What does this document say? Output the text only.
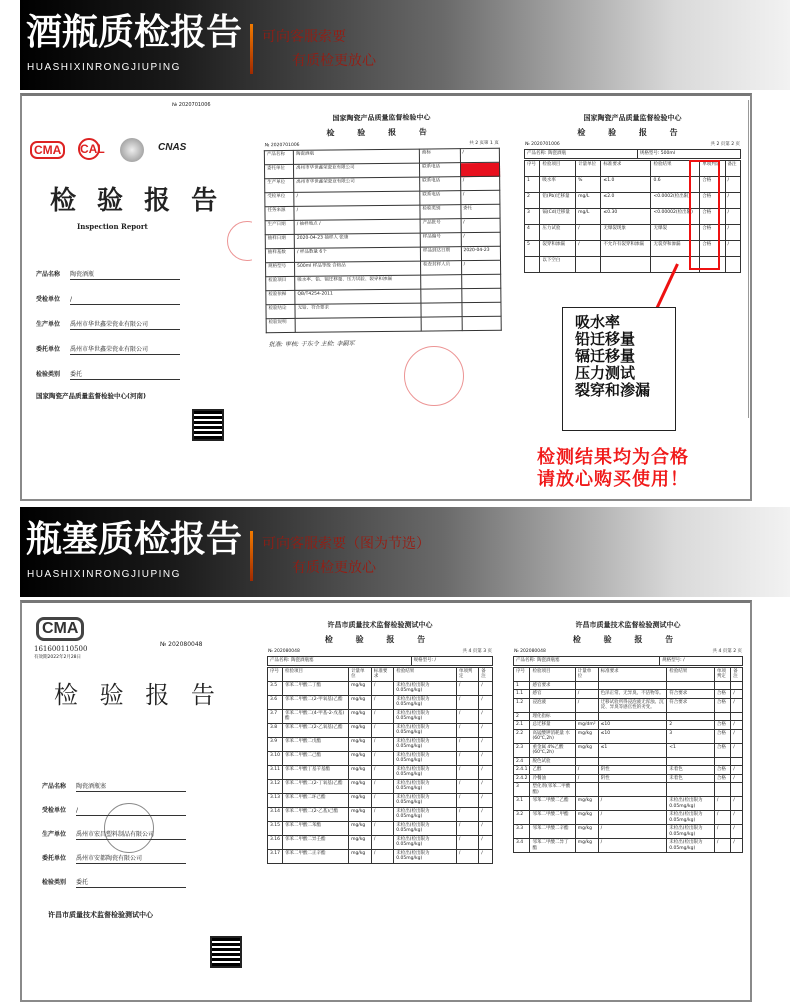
酒瓶质检报告
HUASHIXINRONGJIUPING
可向客服索要
有质检更放心
№ 2020701006
CMA	CAL	CNAS
检 验 报 告
Inspection Report
产品名称 陶瓷酒瓶
受检单位 /
生产单位 禹州市华世鑫荣瓷业有限公司
委托单位 禹州市华世鑫荣瓷业有限公司
检验类别 委托
国家陶瓷产品质量监督检验中心(河南)
国家陶瓷产品质量监督检验中心
检 验 报 告
№ 2020701006	共 2 页第 1 页
产品名称	陶瓷酒瓶	商标	/
委托单位	禹州市华世鑫荣瓷业有限公司	联系电话	
生产单位	禹州市华世鑫荣瓷业有限公司	联系电话	/
受检单位	/	联系电话	/
任务来源	/	检验类别	委托
生产日期	/ 抽样地点 /	产品批号	/
抽样日期	2020-04-23 抽样人 张康	样品编号	/
抽样基数	/ 样品数量 6个	样品到达日期	2020-04-23
规格型号	500ml 样品等级 合格品	检查封样人员	/
检验项目	吸水率、铅、镉迁移量、压力试验、裂穿和渗漏		
检验依据	QB/T4254-2011		
检验结论	无铅、符合要求		
检验说明			
批准: 审核: 于东令 主检: 李嗣军
国家陶瓷产品质量监督检验中心
检 验 报 告
№ 2020701006	共 2 页第 2 页
产品名称: 陶瓷酒瓶	规格型号: 500ml
序号	检验项目	计量单位	标准要求	检验结果	单项判定	备注
1	吸水率	%	≤1.0	0.6	合格	/
2	铅(Pb)迁移量	mg/L	≤2.0	<0.0002(检出限)	合格	/
3	镉(Cd)迁移量	mg/L	≤0.30	<0.00002(检出限)	合格	/
4	压力试验	/	无爆裂现象	无爆裂	合格	/
5	裂穿和渗漏	/	不允许有裂穿和渗漏	无裂穿和渗漏	合格	/
	以下空白					
吸水率
铅迁移量
镉迁移量
压力测试
裂穿和渗漏
检测结果均为合格
请放心购买使用！
瓶塞质检报告
HUASHIXINRONGJIUPING
可向客服索要（图为节选）
有质检更放心
CMA
161600110500
有效期2022年2月28日
№ 202080048
检 验 报 告
产品名称 陶瓷酒瓶塞
受检单位 /
生产单位 禹州市宏昌塑料制品有限公司
委托单位 禹州市安都陶瓷有限公司
检验类别 委托
许昌市质量技术监督检验测试中心
许昌市质量技术监督检验测试中心
检 验 报 告
№ 202080048	共 4 页第 3 页
产品名称: 陶瓷酒瓶塞	规格型号: /
序号	检验项目	计量单位	标准要求	检验结果	单项判定	备注
3.5	邻苯二甲酸二丁酯	mg/kg	/	未检出(检出限为0.05mg/kg)	/	/
3.6	邻苯二甲酸二(2-甲氧基)乙酯	mg/kg	/	未检出(检出限为0.05mg/kg)	/	/
3.7	邻苯二甲酸二(4-甲基-2-戊基)酯	mg/kg	/	未检出(检出限为0.05mg/kg)	/	/
3.8	邻苯二甲酸二(2-乙氧基)乙酯	mg/kg	/	未检出(检出限为0.05mg/kg)	/	/
3.9	邻苯二甲酸二戊酯	mg/kg	/	未检出(检出限为0.05mg/kg)	/	/
3.10	邻苯二甲酸二己酯	mg/kg	/	未检出(检出限为0.05mg/kg)	/	/
3.11	邻苯二甲酸丁基苄基酯	mg/kg	/	未检出(检出限为0.05mg/kg)	/	/
3.12	邻苯二甲酸二(2-丁氧基)乙酯	mg/kg	/	未检出(检出限为0.05mg/kg)	/	/
3.13	邻苯二甲酸二环己酯	mg/kg	/	未检出(检出限为0.05mg/kg)	/	/
3.14	邻苯二甲酸二(2-乙基)己酯	mg/kg	/	未检出(检出限为0.05mg/kg)	/	/
3.15	邻苯二甲酸二苯酯	mg/kg	/	未检出(检出限为0.05mg/kg)	/	/
3.16	邻苯二甲酸二异壬酯	mg/kg	/	未检出(检出限为0.05mg/kg)	/	/
3.17	邻苯二甲酸二正辛酯	mg/kg	/	未检出(检出限为0.05mg/kg)	/	/
许昌市质量技术监督检验测试中心
检 验 报 告
№ 202080048	共 4 页第 2 页
产品名称: 陶瓷酒瓶塞	规格型号: /
序号	检验项目	计量单位	标准要求	检验结果	单项判定	备注
1	感官要求					
1.1	感官	/	色泽正常、无异臭、不洁物等。	符合要求	合格	/
1.2	浸泡液	/	迁移试验所得浸泡液无浑浊、沉淀、异臭等感官性的劣变。	符合要求	合格	/
2	理化指标					
2.1	总迁移量	mg/dm²	≤10	2	合格	/
2.2	高锰酸钾消耗量 水(60℃,2h)	mg/kg	≤10	3	合格	/
2.3	重金属 4%乙酸(60℃,2h)	mg/kg	≤1	<1	合格	/
2.4	脱色试验					
2.4.1	乙醇	/	阴性	未着色	合格	/
2.4.2	冷餐油	/	阴性	未着色	合格	/
3	塑化剂(邻苯二甲酸酯)					
3.1	邻苯二甲酸二乙酯	mg/kg	/	未检出(检出限为0.05mg/kg)	/	/
3.2	邻苯二甲酸二甲酯	mg/kg	/	未检出(检出限为0.05mg/kg)	/	/
3.3	邻苯二甲酸二辛酯	mg/kg	/	未检出(检出限为0.05mg/kg)	/	/
3.4	邻苯二甲酸二异丁酯	mg/kg	/	未检出(检出限为0.05mg/kg)	/	/
